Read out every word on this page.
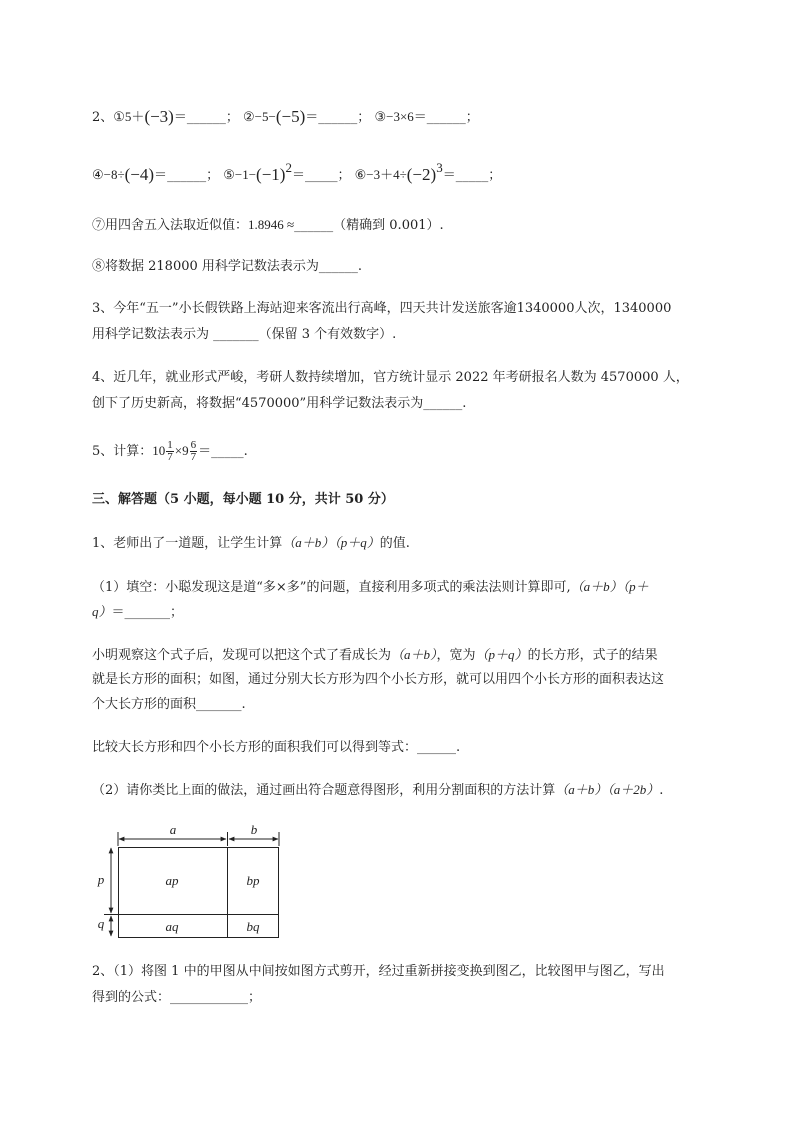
2、①5＋(−3)＝______； ②−5−(−5)＝______； ③−3×6＝______；
④−8÷(−4)＝______； $⑤-1-(-1)^2=\_\_\_\_\_$； $⑥-3+4\div(-2)^3=\_\_\_\_\_$；
⑦用四舍五入法取近似值：1.8946 ≈______（精确到 0.001）.
⑧将数据 218000 用科学记数法表示为______.
3、今年“五一”小长假铁路上海站迎来客流出行高峰，四天共计发送旅客逾1340000人次，1340000
用科学记数法表示为 _______（保留 3 个有效数字）.
4、近几年，就业形式严峻，考研人数持续增加，官方统计显示 2022 年考研报名人数为 4570000 人，
创下了历史新高，将数据“4570000”用科学记数法表示为______.
5、计算：$10 \frac{1}{7} \times 9 \frac{6}{7}$ ＝_____.
三、解答题（5 小题，每小题 10 分，共计 50 分）
1、老师出了一道题，让学生计算（a＋b）（p＋q）的值.
（1）填空：小聪发现这是道“多×多”的问题，直接利用多项式的乘法法则计算即可,（a＋b）（p＋
q）＝_______；
小明观察这个式子后，发现可以把这个式了看成长为（a＋b），宽为（p＋q）的长方形，式子的结果
就是长方形的面积；如图，通过分别大长方形为四个小长方形，就可以用四个小长方形的面积表达这
个大长方形的面积_______.
比较大长方形和四个小长方形的面积我们可以得到等式：______.
（2）请你类比上面的做法，通过画出符合题意得图形，利用分割面积的方法计算（a＋b）（a＋2b）.
a	b
p
q
ap	bp
aq	bq
2、（1）将图 1 中的甲图从中间按如图方式剪开，经过重新拼接变换到图乙，比较图甲与图乙，写出
得到的公式：____________；
